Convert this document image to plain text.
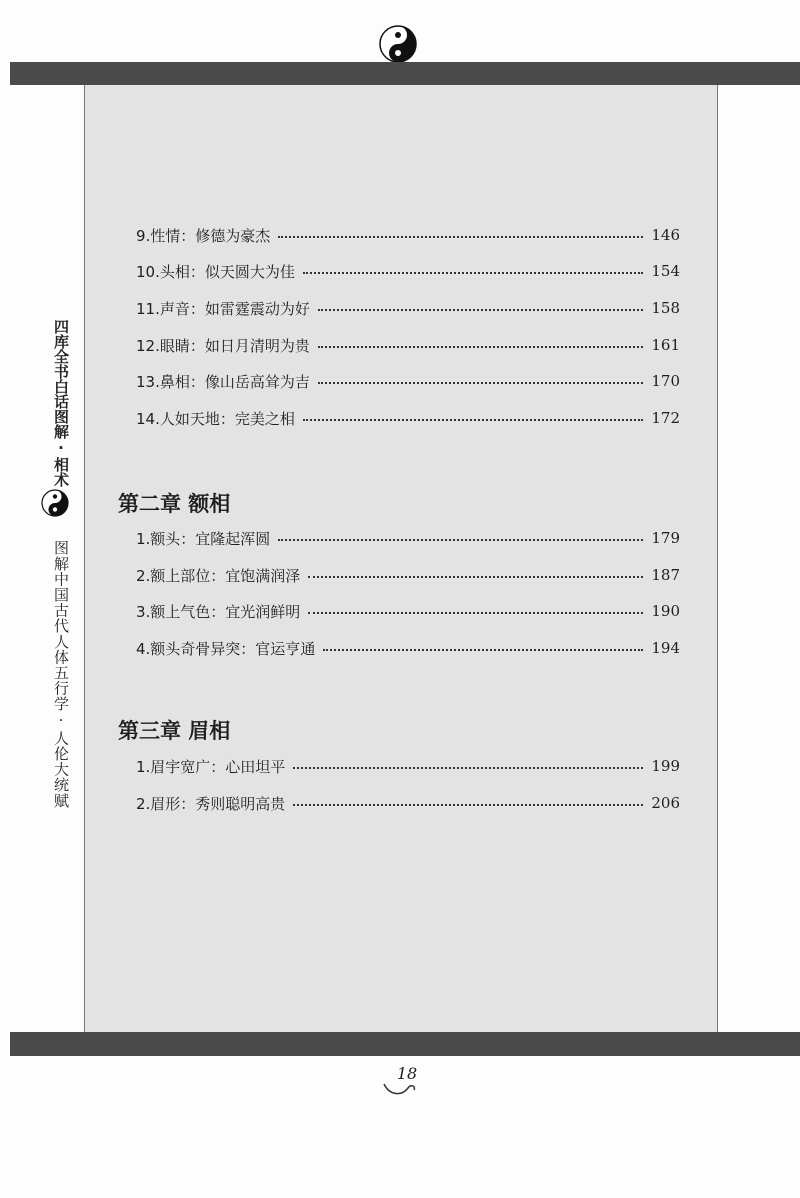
四库全书白话图解·相术
图解中国古代人体五行学·人伦大统赋
9.性情：修德为豪杰	146
10.头相：似天圆大为佳	154
11.声音：如雷霆震动为好	158
12.眼睛：如日月清明为贵	161
13.鼻相：像山岳高耸为吉	170
14.人如天地：完美之相	172
第二章 额相
1.额头：宜隆起浑圆	179
2.额上部位：宜饱满润泽	187
3.额上气色：宜光润鲜明	190
4.额头奇骨异突：官运亨通	194
第三章 眉相
1.眉宇宽广：心田坦平	199
2.眉形：秀则聪明高贵	206
18
